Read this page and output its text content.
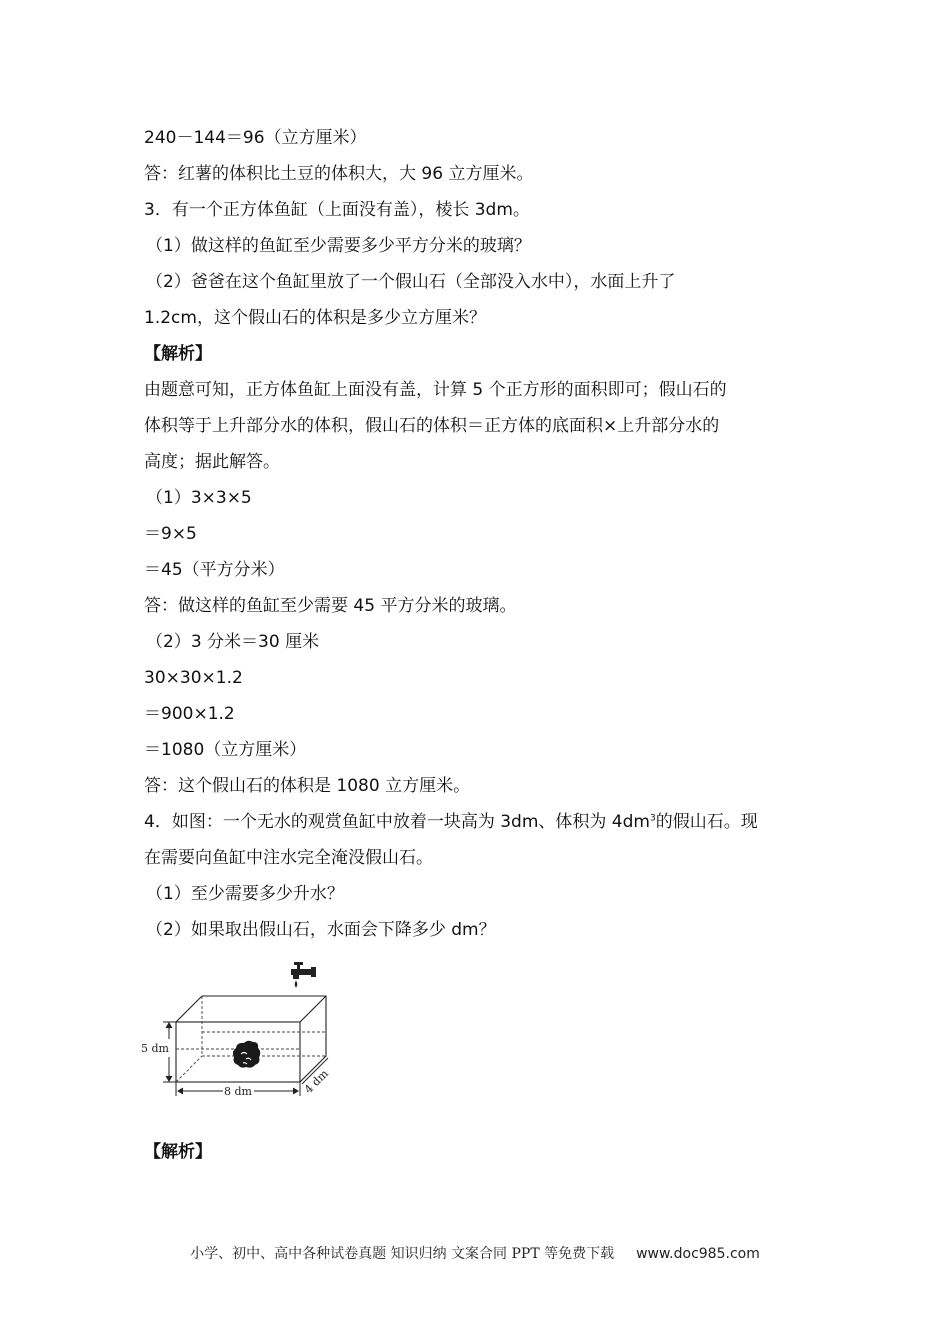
240－144＝96（立方厘米）
答：红薯的体积比土豆的体积大，大 96 立方厘米。
3．有一个正方体鱼缸（上面没有盖），棱长 3dm。
（1）做这样的鱼缸至少需要多少平方分米的玻璃？
（2）爸爸在这个鱼缸里放了一个假山石（全部没入水中），水面上升了
1.2cm，这个假山石的体积是多少立方厘米？
【解析】
由题意可知，正方体鱼缸上面没有盖，计算 5 个正方形的面积即可；假山石的
体积等于上升部分水的体积，假山石的体积＝正方体的底面积×上升部分水的
高度；据此解答。
（1）3×3×5
＝9×5
＝45（平方分米）
答：做这样的鱼缸至少需要 45 平方分米的玻璃。
（2）3 分米＝30 厘米
30×30×1.2
＝900×1.2
＝1080（立方厘米）
答：这个假山石的体积是 1080 立方厘米。
4．如图：一个无水的观赏鱼缸中放着一块高为 3dm、体积为 $4dm^3$的假山石。现
在需要向鱼缸中注水完全淹没假山石。
（1）至少需要多少升水？
（2）如果取出假山石，水面会下降多少 dm？
5 dm
8 dm	4 dm
【解析】
小学、初中、高中各种试卷真题 知识归纳 文案合同 PPT 等免费下载 www.doc985.com
